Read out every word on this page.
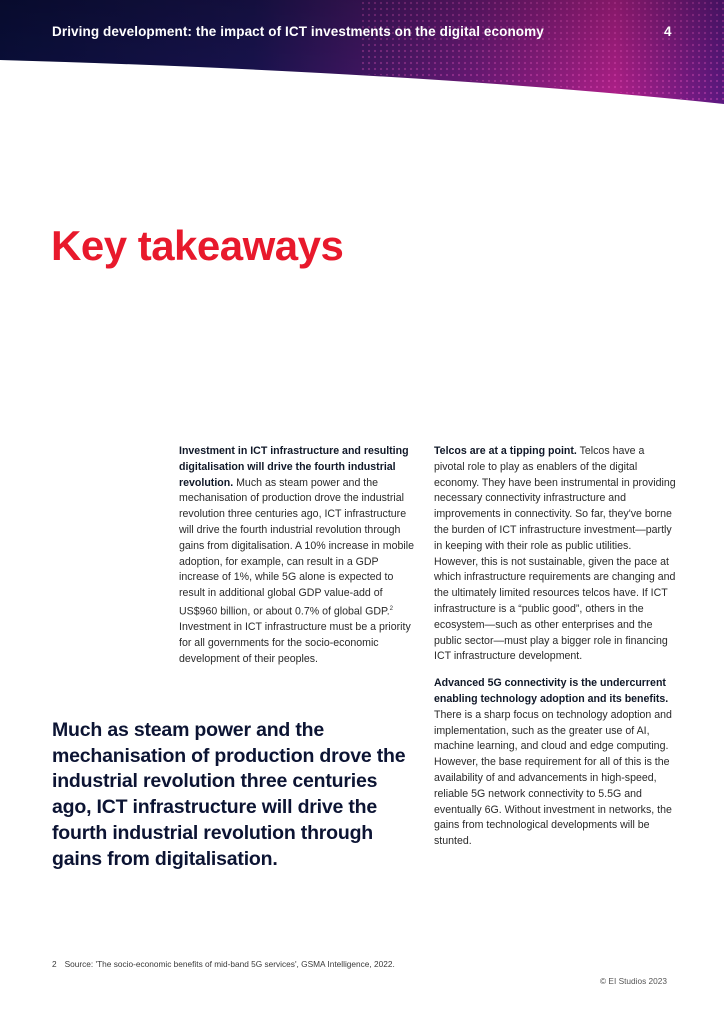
Driving development: the impact of ICT investments on the digital economy	4
Key takeaways

Investment in ICT infrastructure and resulting digitalisation will drive the fourth industrial revolution. Much as steam power and the mechanisation of production drove the industrial revolution three centuries ago, ICT infrastructure will drive the fourth industrial revolution through gains from digitalisation. A 10% increase in mobile adoption, for example, can result in a GDP increase of 1%, while 5G alone is expected to result in additional global GDP value-add of US$960 billion, or about 0.7% of global GDP.$^2$ Investment in ICT infrastructure must be a priority for all governments for the socio-economic development of their peoples.

Telcos are at a tipping point. Telcos have a pivotal role to play as enablers of the digital economy. They have been instrumental in providing necessary connectivity infrastructure and improvements in connectivity. So far, they've borne the burden of ICT infrastructure investment—partly in keeping with their role as public utilities. However, this is not sustainable, given the pace at which infrastructure requirements are changing and the ultimately limited resources telcos have. If ICT infrastructure is a “public good”, others in the ecosystem—such as other enterprises and the public sector—must play a bigger role in financing ICT infrastructure development.

Advanced 5G connectivity is the undercurrent enabling technology adoption and its benefits. There is a sharp focus on technology adoption and implementation, such as the greater use of AI, machine learning, and cloud and edge computing. However, the base requirement for all of this is the availability of and advancements in high-speed, reliable 5G network connectivity to 5.5G and eventually 6G. Without investment in networks, the gains from technological developments will be stunted.

Much as steam power and the mechanisation of production drove the industrial revolution three centuries ago, ICT infrastructure will drive the fourth industrial revolution through gains from digitalisation.
2 Source: 'The socio-economic benefits of mid-band 5G services', GSMA Intelligence, 2022.
© EI Studios 2023
